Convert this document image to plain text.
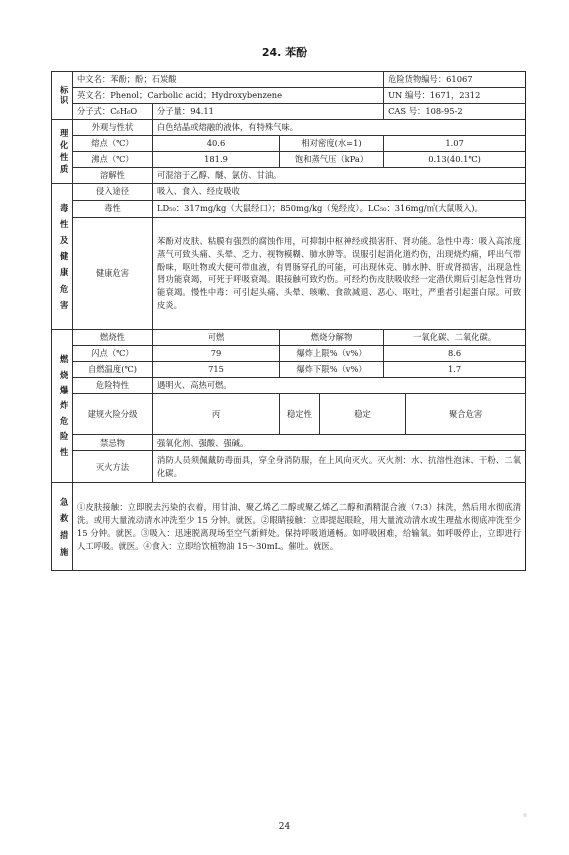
24. 苯酚
标识	中文名：苯酚；酚；石炭酸				危险货物编号：61067		
	英文名：Phenol；Carbolic acid；Hydroxybenzene				UN 编号：1671，2312		
	分子式：C₆H₆O	分子量：94.11			CAS 号：108-95-2		

理化性质	外观与性状	白色结晶或熔融的液体，有特殊气味。					
	熔点（℃）	40.6	相对密度(水=1)		1.07		
	沸点（℃）	181.9	饱和蒸气压（kPa）		0.13(40.1℃)		
	溶解性	可混溶于乙醇、醚、氯仿、甘油。					

毒性及健康危害	侵入途径	吸入、食入、经皮吸收					
	毒性	LD₅₀：317mg/kg（大鼠经口）；850mg/kg（兔经皮）。LC₅₀：316mg/㎥(大鼠吸入)。					
	健康危害	苯酚对皮肤、粘膜有强烈的腐蚀作用，可抑制中枢神经或损害肝、肾功能。急性中毒：吸入高浓度蒸气可致头痛、头晕、乏力、视物模糊、肺水肿等。误服引起消化道灼伤，出现烧灼痛，呼出气带酚味，呕吐物或大便可带血液，有胃肠穿孔的可能，可出现休克、肺水肿、肝或肾损害，出现急性肾功能衰竭，可死于呼吸衰竭。眼接触可致灼伤。可经灼伤皮肤吸收经一定潜伏期后引起急性肾功能衰竭。慢性中毒：可引起头痛、头晕、咳嗽、食欲减退、恶心、呕吐，严重者引起蛋白尿。可致皮炎。					

燃烧爆炸危险性	燃烧性	可燃	燃烧分解物		一氧化碳、二氧化碳。		
	闪点（℃）	79	爆炸上限%（v%）		8.6		
	自燃温度(℃)	715	爆炸下限%（v%）		1.7		
	危险特性	遇明火、高热可燃。					
	建规火险分级	丙	稳定性	稳定		聚合危害	
	禁忌物	强氧化剂、强酸、强碱。					
	灭火方法	消防人员须佩戴防毒面具，穿全身消防服，在上风向灭火。灭火剂：水、抗溶性泡沫、干粉、二氧化碳。					

急救措施	①皮肤接触：立即脱去污染的衣着，用甘油、聚乙烯乙二醇或聚乙烯乙二醇和酒精混合液（7:3）抹洗，然后用水彻底清洗。或用大量流动清水冲洗至少 15 分钟。就医。②眼睛接触：立即提起眼睑，用大量流动清水或生理盐水彻底冲洗至少 15 分钟。就医。③吸入：迅速脱离现场至空气新鲜处。保持呼吸道通畅。如呼吸困难，给输氧。如呼吸停止，立即进行人工呼吸。就医。④食入：立即给饮植物油 15～30mL。催吐。就医。						
24
